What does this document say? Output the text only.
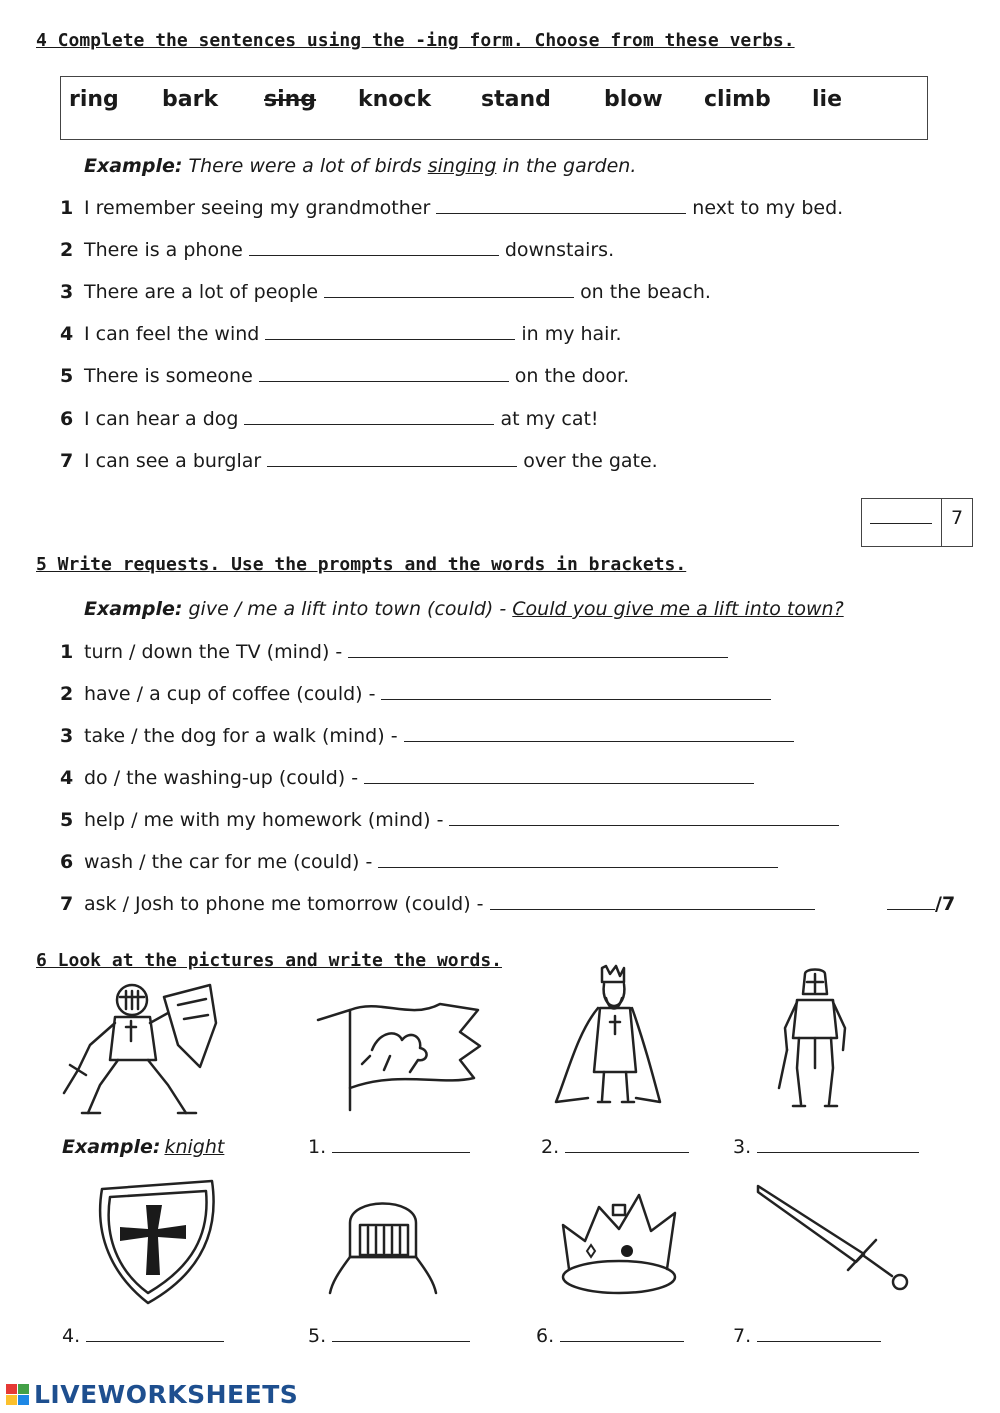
4 Complete the sentences using the -ing form. Choose from these verbs.
ring bark sing knock stand blow climb lie
Example: There were a lot of birds singing in the garden.
1 I remember seeing my grandmother	next to my bed.
2 There is a phone	downstairs.
3 There are a lot of people	on the beach.
4 I can feel the wind	in my hair.
5 There is someone	on the door.
6 I can hear a dog	at my cat!
7 I can see a burglar	over the gate.
7
5 Write requests. Use the prompts and the words in brackets.
Example: give / me a lift into town (could) - Could you give me a lift into town?
1 turn / down the TV (mind) -
2 have / a cup of coffee (could) -
3 take / the dog for a walk (mind) -
4 do / the washing-up (could) -
5 help / me with my homework (mind) -
6 wash / the car for me (could) -
7 ask / Josh to phone me tomorrow (could) -	/7
6 Look at the pictures and write the words.
Example: knight	1.	2.	3.
4.	5.	6.	7.
LIVEWORKSHEETS
